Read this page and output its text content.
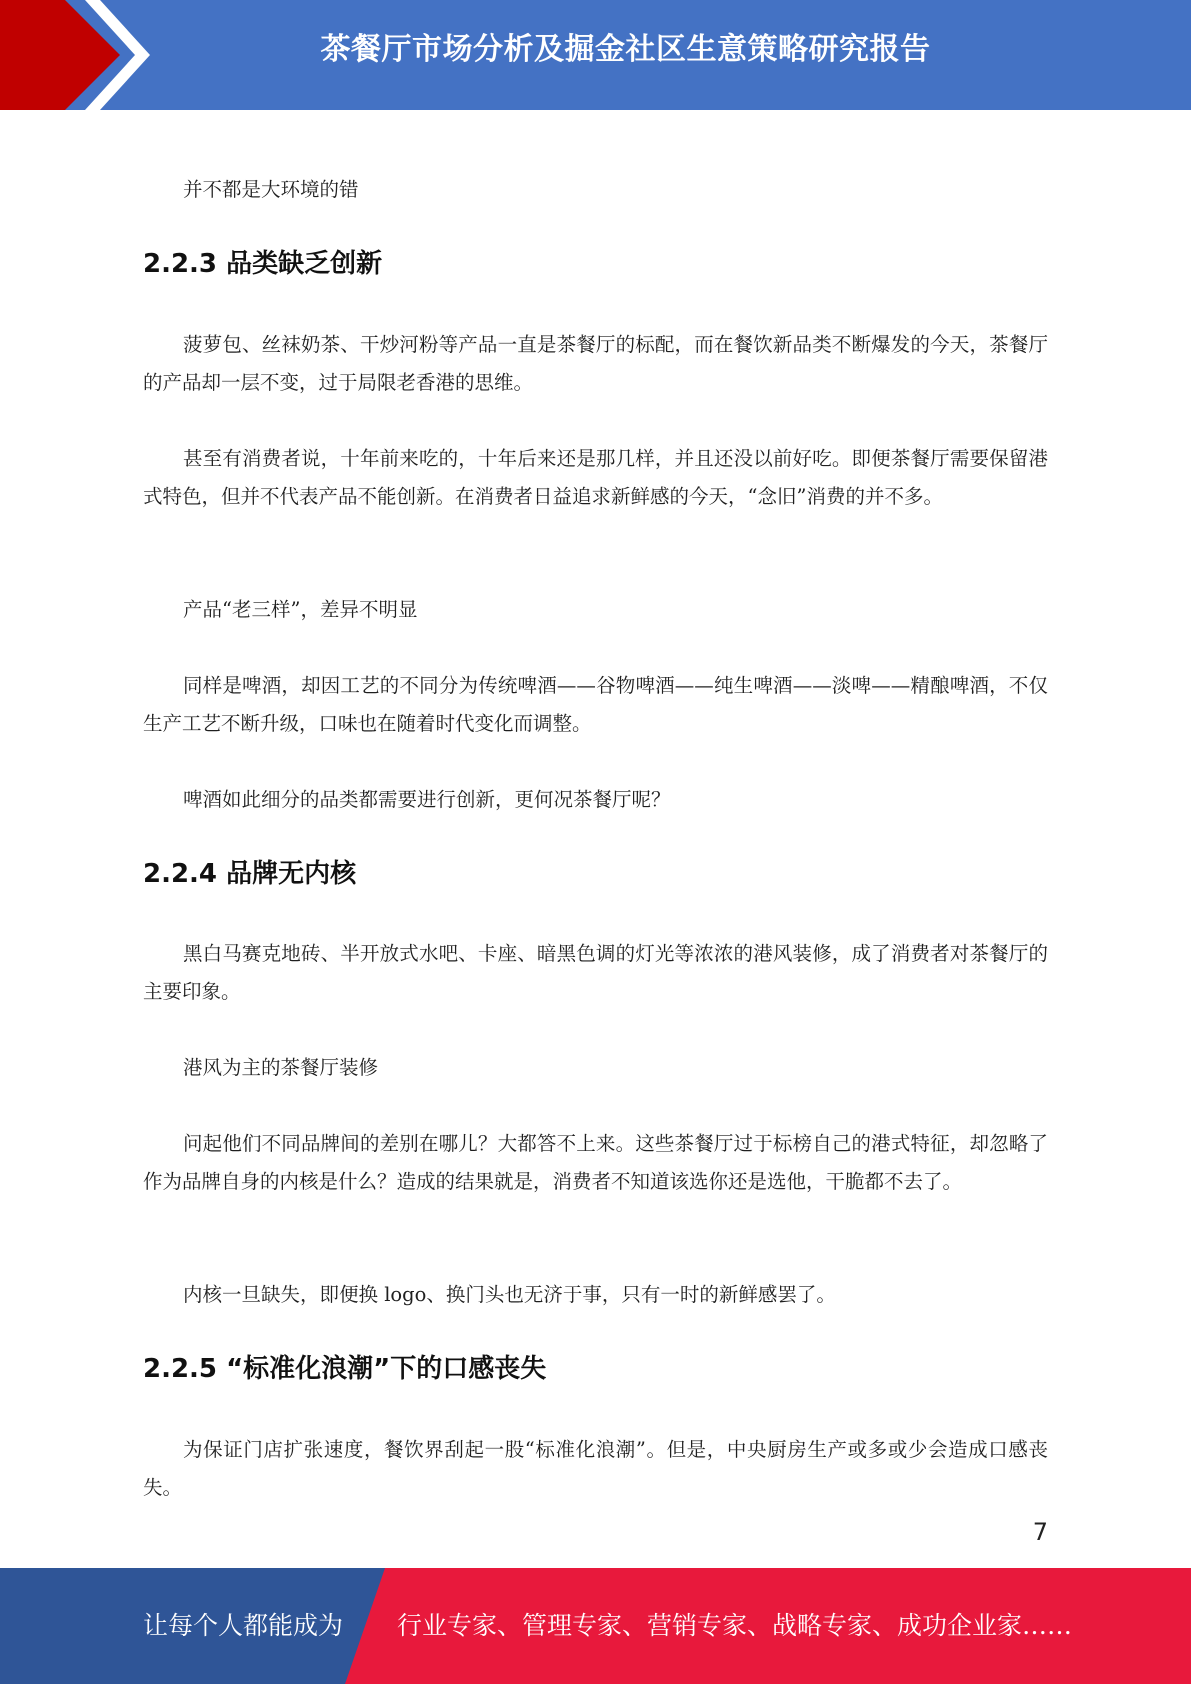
茶餐厅市场分析及掘金社区生意策略研究报告

并不都是大环境的错

2.2.3 品类缺乏创新

菠萝包、丝袜奶茶、干炒河粉等产品一直是茶餐厅的标配，而在餐饮新品类不断爆发的今天，茶餐厅的产品却一层不变，过于局限老香港的思维。

甚至有消费者说，十年前来吃的，十年后来还是那几样，并且还没以前好吃。即便茶餐厅需要保留港式特色，但并不代表产品不能创新。在消费者日益追求新鲜感的今天，“念旧”消费的并不多。

产品“老三样”，差异不明显

同样是啤酒，却因工艺的不同分为传统啤酒——谷物啤酒——纯生啤酒——淡啤——精酿啤酒，不仅生产工艺不断升级，口味也在随着时代变化而调整。

啤酒如此细分的品类都需要进行创新，更何况茶餐厅呢？

2.2.4 品牌无内核

黑白马赛克地砖、半开放式水吧、卡座、暗黑色调的灯光等浓浓的港风装修，成了消费者对茶餐厅的主要印象。

港风为主的茶餐厅装修

问起他们不同品牌间的差别在哪儿？大都答不上来。这些茶餐厅过于标榜自己的港式特征，却忽略了作为品牌自身的内核是什么？造成的结果就是，消费者不知道该选你还是选他，干脆都不去了。

内核一旦缺失，即便换 logo、换门头也无济于事，只有一时的新鲜感罢了。

2.2.5 “标准化浪潮”下的口感丧失

为保证门店扩张速度，餐饮界刮起一股“标准化浪潮”。但是，中央厨房生产或多或少会造成口感丧失。

7
让每个人都能成为 行业专家、管理专家、营销专家、战略专家、成功企业家……
